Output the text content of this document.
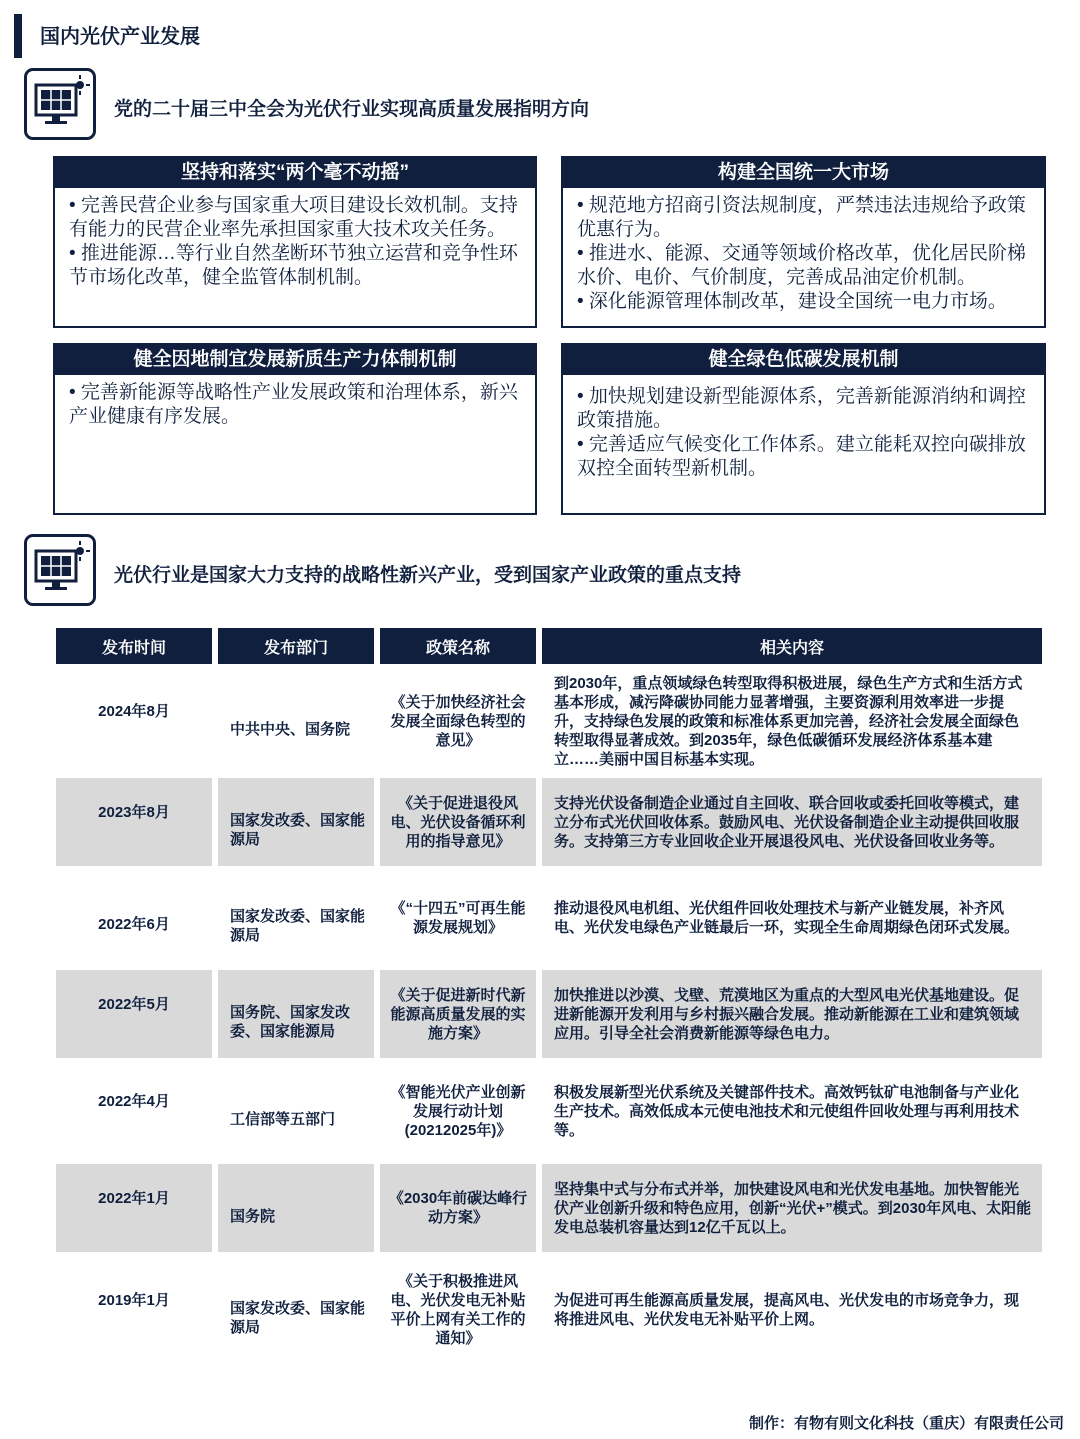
国内光伏产业发展
党的二十届三中全会为光伏行业实现高质量发展指明方向
坚持和落实“两个毫不动摇”

• 完善民营企业参与国家重大项目建设长效机制。支持有能力的民营企业率先承担国家重大技术攻关任务。

• 推进能源…等行业自然垄断环节独立运营和竞争性环节市场化改革，健全监管体制机制。

构建全国统一大市场

• 规范地方招商引资法规制度，严禁违法违规给予政策优惠行为。

• 推进水、能源、交通等领域价格改革，优化居民阶梯水价、电价、气价制度，完善成品油定价机制。

• 深化能源管理体制改革，建设全国统一电力市场。

健全因地制宜发展新质生产力体制机制

• 完善新能源等战略性产业发展政策和治理体系，新兴产业健康有序发展。

健全绿色低碳发展机制

• 加快规划建设新型能源体系，完善新能源消纳和调控政策措施。

• 完善适应气候变化工作体系。建立能耗双控向碳排放双控全面转型新机制。

光伏行业是国家大力支持的战略性新兴产业，受到国家产业政策的重点支持
发布时间	发布部门	政策名称	相关内容
2024年8月	中共中央、国务院	《关于加快经济社会发展全面绿色转型的意见》	到2030年，重点领域绿色转型取得积极进展，绿色生产方式和生活方式基本形成，减污降碳协同能力显著增强，主要资源利用效率进一步提升，支持绿色发展的政策和标准体系更加完善，经济社会发展全面绿色转型取得显著成效。到2035年，绿色低碳循环发展经济体系基本建立……美丽中国目标基本实现。
2023年8月	国家发改委、国家能源局	《关于促进退役风电、光伏设备循环利用的指导意见》	支持光伏设备制造企业通过自主回收、联合回收或委托回收等模式，建立分布式光伏回收体系。鼓励风电、光伏设备制造企业主动提供回收服务。支持第三方专业回收企业开展退役风电、光伏设备回收业务等。
2022年6月	国家发改委、国家能源局	《“十四五”可再生能源发展规划》	推动退役风电机组、光伏组件回收处理技术与新产业链发展，补齐风电、光伏发电绿色产业链最后一环，实现全生命周期绿色闭环式发展。
2022年5月	国务院、国家发改委、国家能源局	《关于促进新时代新能源高质量发展的实施方案》	加快推进以沙漠、戈壁、荒漠地区为重点的大型风电光伏基地建设。促进新能源开发利用与乡村振兴融合发展。推动新能源在工业和建筑领域应用。引导全社会消费新能源等绿色电力。
2022年4月	工信部等五部门	《智能光伏产业创新发展行动计划(20212025年)》	积极发展新型光伏系统及关键部件技术。高效钙钛矿电池制备与产业化生产技术。高效低成本元使电池技术和元使组件回收处理与再利用技术等。
2022年1月	国务院	《2030年前碳达峰行动方案》	坚持集中式与分布式并举，加快建设风电和光伏发电基地。加快智能光伏产业创新升级和特色应用，创新“光伏+”模式。到2030年风电、太阳能发电总装机容量达到12亿千瓦以上。
2019年1月	国家发改委、国家能源局	《关于积极推进风电、光伏发电无补贴平价上网有关工作的通知》	为促进可再生能源高质量发展，提高风电、光伏发电的市场竞争力，现将推进风电、光伏发电无补贴平价上网。
制作：有物有则文化科技（重庆）有限责任公司
